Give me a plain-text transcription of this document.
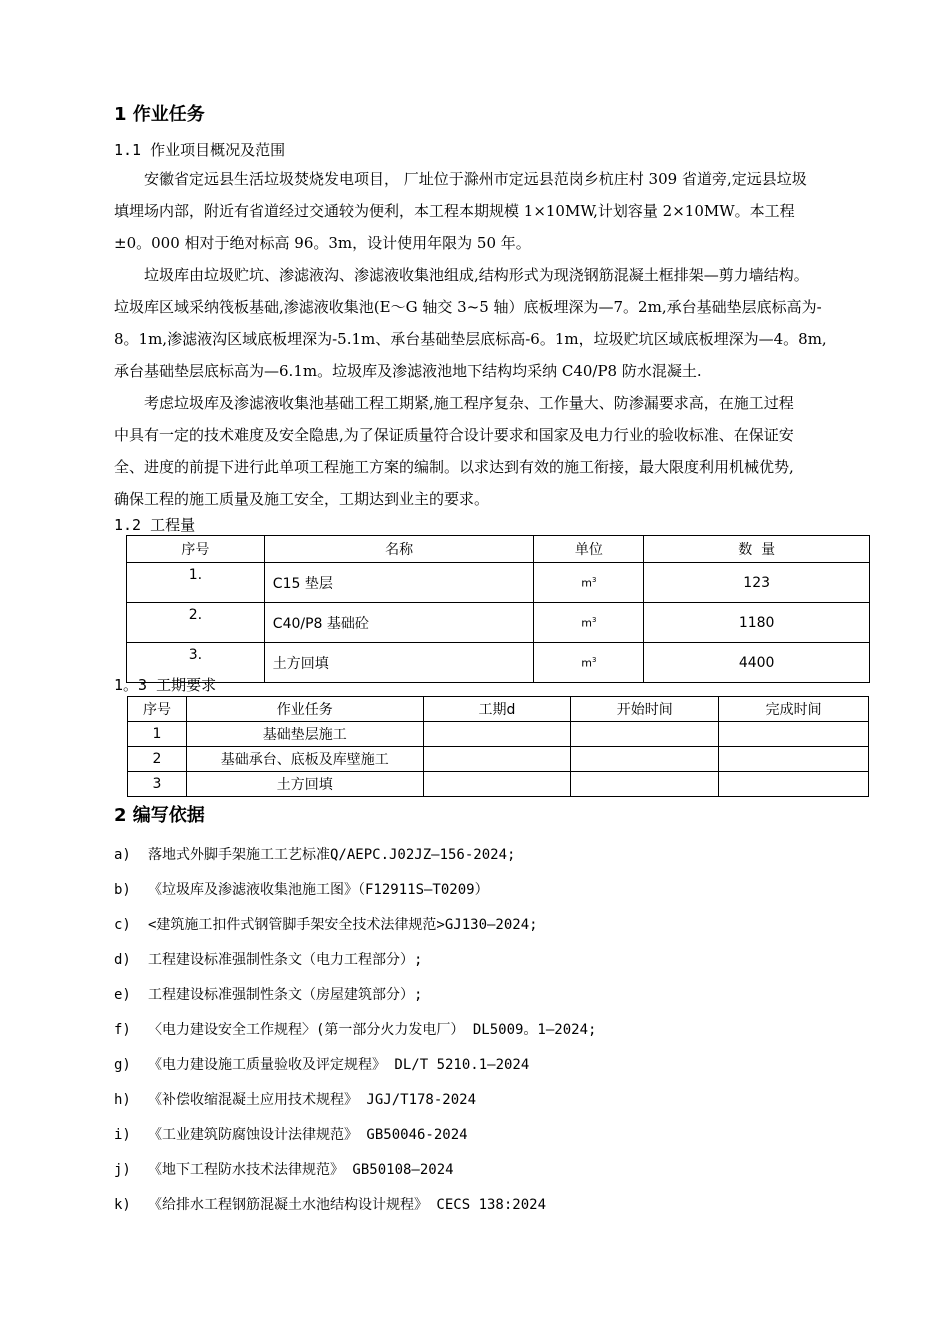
1 作业任务
1.1 作业项目概况及范围
　　安徽省定远县生活垃圾焚烧发电项目， 厂址位于滁州市定远县范岗乡杭庄村 309 省道旁,定远县垃圾
填埋场内部，附近有省道经过交通较为便利，本工程本期规模 1×10MW,计划容量 2×10MW。本工程
±0。000 相对于绝对标高 96。3m，设计使用年限为 50 年。
　　垃圾库由垃圾贮坑、渗滤液沟、渗滤液收集池组成,结构形式为现浇钢筋混凝土框排架—剪力墙结构。
垃圾库区域采纳筏板基础,渗滤液收集池(E～G 轴交 3~5 轴）底板埋深为—7。2m,承台基础垫层底标高为-
8。1m,渗滤液沟区域底板埋深为-5.1m、承台基础垫层底标高-6。1m，垃圾贮坑区域底板埋深为—4。8m,
承台基础垫层底标高为—6.1m。垃圾库及渗滤液池地下结构均采纳 C40/P8 防水混凝土.
　　考虑垃圾库及渗滤液收集池基础工程工期紧,施工程序复杂、工作量大、防渗漏要求高，在施工过程
中具有一定的技术难度及安全隐患,为了保证质量符合设计要求和国家及电力行业的验收标准、在保证安
全、进度的前提下进行此单项工程施工方案的编制。以求达到有效的施工衔接，最大限度利用机械优势,
确保工程的施工质量及施工安全，工期达到业主的要求。
1.2 工程量
序号	名称	单位	数  量
1.	C15 垫层	$m^3$	123
2.	C40/P8 基础砼	$m^3$	1180
3.	土方回填	$m^3$	4400
1。3 工期要求
序号	作业任务	工期d	开始时间	完成时间
1	基础垫层施工			
2	基础承台、底板及库壁施工			
3	土方回填			
2 编写依据
a) 落地式外脚手架施工工艺标准Q/AEPC.J02JZ—156-2024;
b) 《垃圾库及渗滤液收集池施工图》（F12911S—T0209）
c) <建筑施工扣件式钢管脚手架安全技术法律规范>GJ130—2024;
d) 工程建设标准强制性条文（电力工程部分）;
e) 工程建设标准强制性条文（房屋建筑部分）;
f) 〈电力建设安全工作规程〉(第一部分火力发电厂） DL5009。1—2024;
g) 《电力建设施工质量验收及评定规程》 DL/T 5210.1—2024
h) 《补偿收缩混凝土应用技术规程》 JGJ/T178-2024
i) 《工业建筑防腐蚀设计法律规范》 GB50046-2024
j) 《地下工程防水技术法律规范》 GB50108—2024
k) 《给排水工程钢筋混凝土水池结构设计规程》 CECS 138:2024
